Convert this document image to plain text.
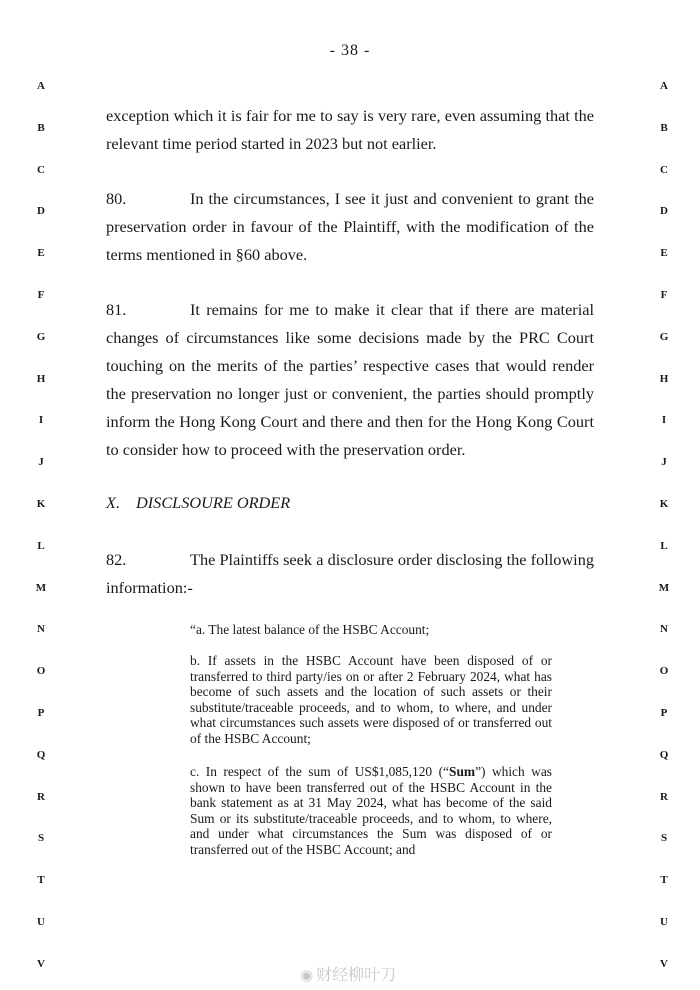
- 38 -
A
B
C
D
E
F
G
H
I
J
K
L
M
N
O
P
Q
R
S
T
U
V
A
B
C
D
E
F
G
H
I
J
K
L
M
N
O
P
Q
R
S
T
U
V

exception which it is fair for me to say is very rare, even assuming that the relevant time period started in 2023 but not earlier.

80.	In the circumstances, I see it just and convenient to grant the preservation order in favour of the Plaintiff, with the modification of the terms mentioned in §60 above.

81.	It remains for me to make it clear that if there are material changes of circumstances like some decisions made by the PRC Court touching on the merits of the parties’ respective cases that would render the preservation no longer just or convenient, the parties should promptly inform the Hong Kong Court and there and then for the Hong Kong Court to consider how to proceed with the preservation order.

X. DISCLSOURE ORDER

82.	The Plaintiffs seek a disclosure order disclosing the following information:-

“a. The latest balance of the HSBC Account;

b. If assets in the HSBC Account have been disposed of or transferred to third party/ies on or after 2 February 2024, what has become of such assets and the location of such assets or their substitute/traceable proceeds, and to whom, to where, and under what circumstances such assets were disposed of or transferred out of the HSBC Account;

c. In respect of the sum of US$1,085,120 (“Sum”) which was shown to have been transferred out of the HSBC Account in the bank statement as at 31 May 2024, what has become of the said Sum or its substitute/traceable proceeds, and to whom, to where, and under what circumstances the Sum was disposed of or transferred out of the HSBC Account; and

◉ 财经柳叶刀
